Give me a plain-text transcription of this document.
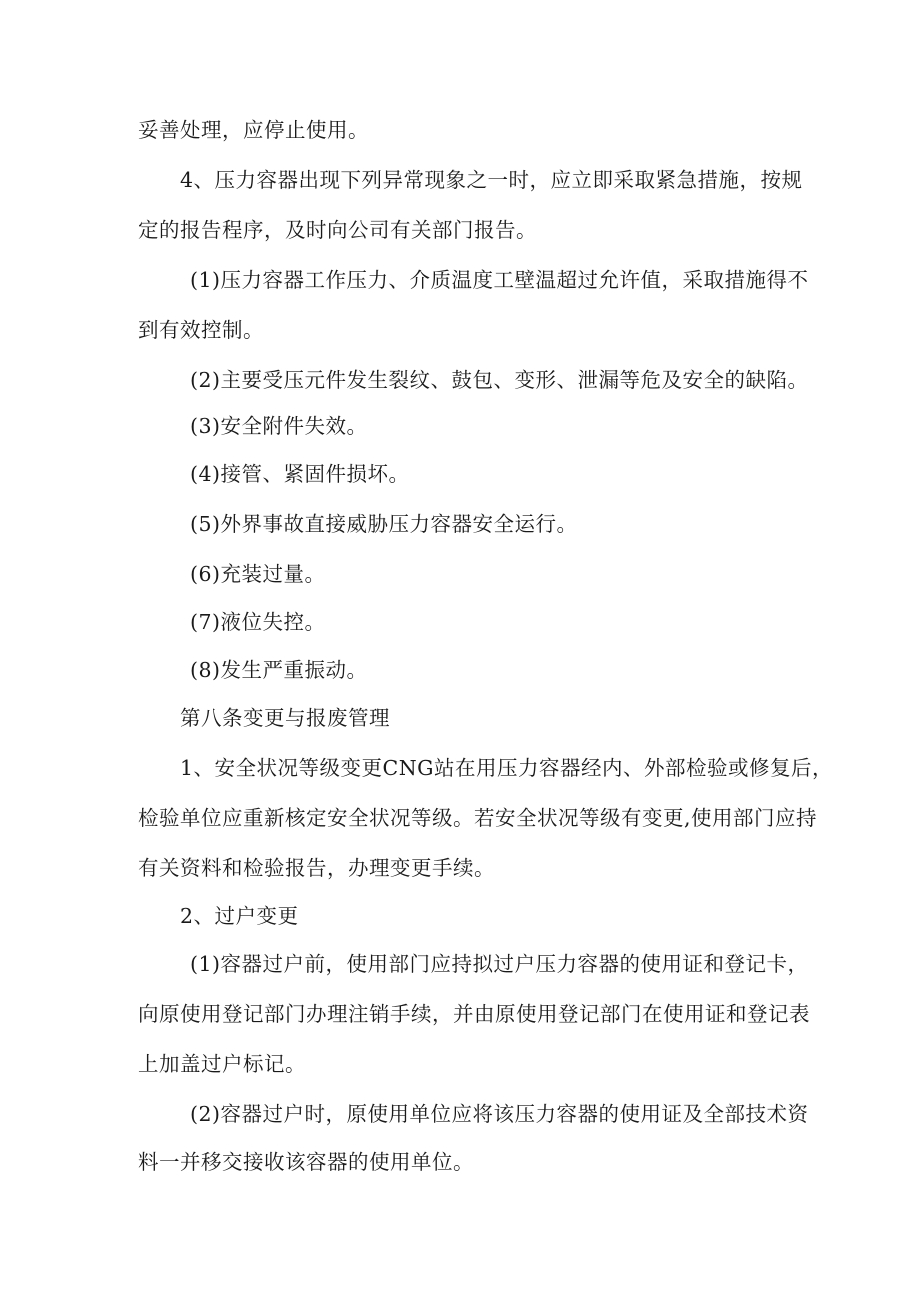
妥善处理，应停止使用。
4、压力容器出现下列异常现象之一时，应立即采取紧急措施，按规
定的报告程序，及时向公司有关部门报告。
(1)压力容器工作压力、介质温度工壁温超过允许值，采取措施得不
到有效控制。
(2)主要受压元件发生裂纹、鼓包、变形、泄漏等危及安全的缺陷。
(3)安全附件失效。
(4)接管、紧固件损坏。
(5)外界事故直接威胁压力容器安全运行。
(6)充装过量。
(7)液位失控。
(8)发生严重振动。
第八条变更与报废管理
1、安全状况等级变更CNG站在用压力容器经内、外部检验或修复后，
检验单位应重新核定安全状况等级。若安全状况等级有变更,使用部门应持
有关资料和检验报告，办理变更手续。
2、过户变更
(1)容器过户前，使用部门应持拟过户压力容器的使用证和登记卡，
向原使用登记部门办理注销手续，并由原使用登记部门在使用证和登记表
上加盖过户标记。
(2)容器过户时，原使用单位应将该压力容器的使用证及全部技术资
料一并移交接收该容器的使用单位。
